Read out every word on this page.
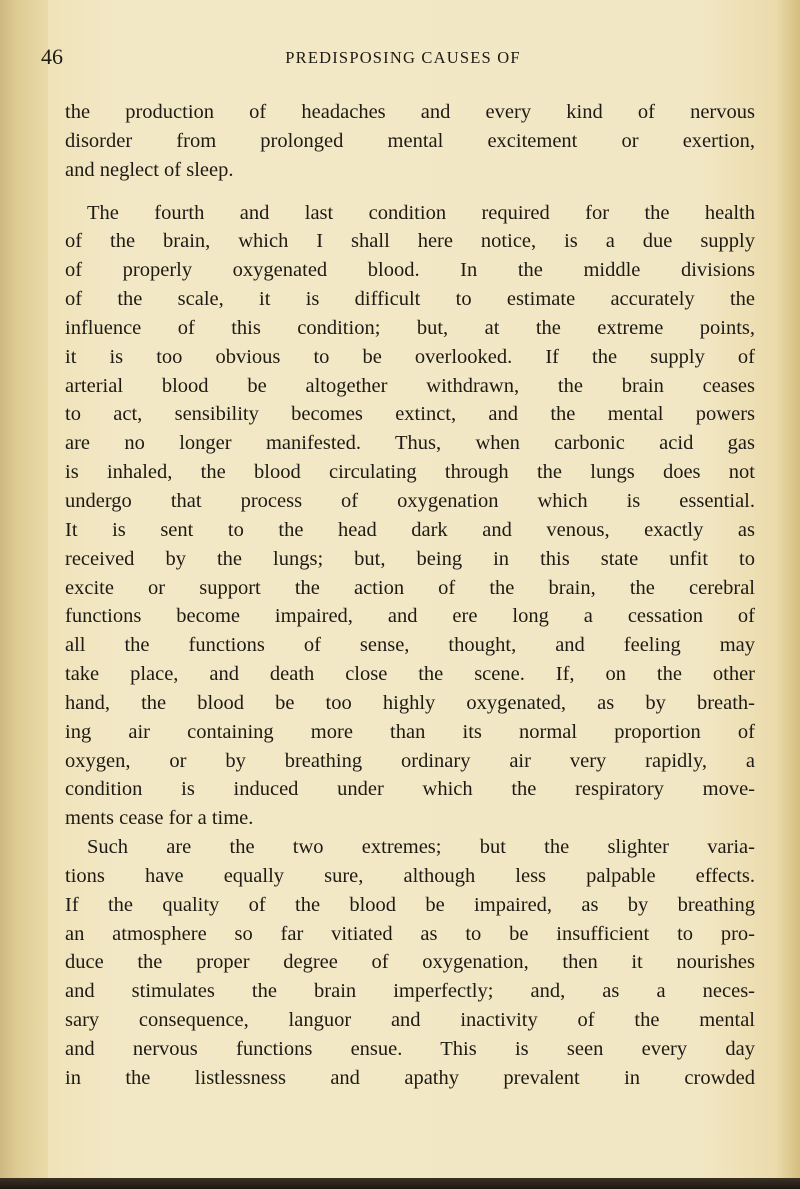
46	PREDISPOSING CAUSES OF
the production of headaches and every kind of nervous
disorder from prolonged mental excitement or exertion,
and neglect of sleep.
The fourth and last condition required for the health
of the brain, which I shall here notice, is a due supply
of properly oxygenated blood. In the middle divisions
of the scale, it is difficult to estimate accurately the
influence of this condition; but, at the extreme points,
it is too obvious to be overlooked. If the supply of
arterial blood be altogether withdrawn, the brain ceases
to act, sensibility becomes extinct, and the mental powers
are no longer manifested. Thus, when carbonic acid gas
is inhaled, the blood circulating through the lungs does not
undergo that process of oxygenation which is essential.
It is sent to the head dark and venous, exactly as
received by the lungs; but, being in this state unfit to
excite or support the action of the brain, the cerebral
functions become impaired, and ere long a cessation of
all the functions of sense, thought, and feeling may
take place, and death close the scene. If, on the other
hand, the blood be too highly oxygenated, as by breath-
ing air containing more than its normal proportion of
oxygen, or by breathing ordinary air very rapidly, a
condition is induced under which the respiratory move-
ments cease for a time.
Such are the two extremes; but the slighter varia-
tions have equally sure, although less palpable effects.
If the quality of the blood be impaired, as by breathing
an atmosphere so far vitiated as to be insufficient to pro-
duce the proper degree of oxygenation, then it nourishes
and stimulates the brain imperfectly; and, as a neces-
sary consequence, languor and inactivity of the mental
and nervous functions ensue. This is seen every day
in the listlessness and apathy prevalent in crowded
